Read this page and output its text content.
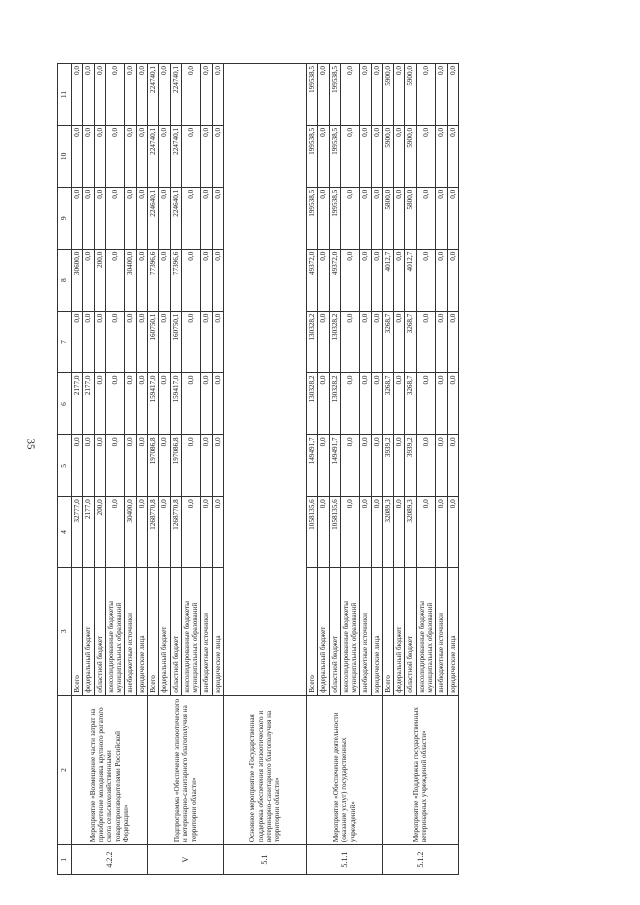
35
1	2	3	4	5	6	7	8	9	10	11
4.2.2	Мероприятие «Возмещение части затрат на приобретение молодняка крупного рогатого скота сельскохозяйственными товаропроизводителями Российской Федерации»	Всего	32777,0	0,0	2177,0	0,0	30600,0	0,0	0,0	0,0
		федеральный бюджет	2177,0	0,0	2177,0	0,0	0,0	0,0	0,0	0,0
		областной бюджет	200,0	0,0	0,0	0,0	200,0	0,0	0,0	0,0
		консолидированные бюджеты муниципальных образований	0,0	0,0	0,0	0,0	0,0	0,0	0,0	0,0
		внебюджетные источники	30400,0	0,0	0,0	0,0	30400,0	0,0	0,0	0,0
		юридические лица	0,0	0,0	0,0	0,0	0,0	0,0	0,0	0,0
V	Подпрограмма «Обеспечение эпизоотического и ветеринарно-санитарного благополучия на территории области»	Всего	1268770,8	197086,8	159417,0	160750,1	77396,6	224640,1	224740,1	224740,1
		федеральный бюджет	0,0	0,0	0,0	0,0	0,0	0,0	0,0	0,0
		областной бюджет	1268770,8	197086,8	159417,0	160750,1	77396,6	224640,1	224740,1	224740,1
		консолидированные бюджеты муниципальных образований	0,0	0,0	0,0	0,0	0,0	0,0	0,0	0,0
		внебюджетные источники	0,0	0,0	0,0	0,0	0,0	0,0	0,0	0,0
		юридические лица	0,0	0,0	0,0	0,0	0,0	0,0	0,0	0,0
5.1	Основное мероприятие «Государственная поддержка обеспечения эпизоотического и ветеринарно-санитарного благополучия на территории области»									
5.1.1	Мероприятие «Обеспечение деятельности (оказание услуг) государственных учреждений»	Всего	1058135,6	149491,7	130328,2	130328,2	49372,0	199538,5	199538,5	199538,5
		федеральный бюджет	0,0	0,0	0,0	0,0	0,0	0,0	0,0	0,0
		областной бюджет	1058135,6	149491,7	130328,2	130328,2	49372,0	199538,5	199538,5	199538,5
		консолидированные бюджеты муниципальных образований	0,0	0,0	0,0	0,0	0,0	0,0	0,0	0,0
		внебюджетные источники	0,0	0,0	0,0	0,0	0,0	0,0	0,0	0,0
		юридические лица	0,0	0,0	0,0	0,0	0,0	0,0	0,0	0,0
5.1.2	Мероприятие «Поддержка государственных ветеринарных учреждений области»	Всего	32089,3	3939,2	3268,7	3268,7	4012,7	5800,0	5900,0	5900,0
		федеральный бюджет	0,0	0,0	0,0	0,0	0,0	0,0	0,0	0,0
		областной бюджет	32089,3	3939,2	3268,7	3268,7	4012,7	5800,0	5900,0	5900,0
		консолидированные бюджеты муниципальных образований	0,0	0,0	0,0	0,0	0,0	0,0	0,0	0,0
		внебюджетные источники	0,0	0,0	0,0	0,0	0,0	0,0	0,0	0,0
		юридические лица	0,0	0,0	0,0	0,0	0,0	0,0	0,0	0,0
